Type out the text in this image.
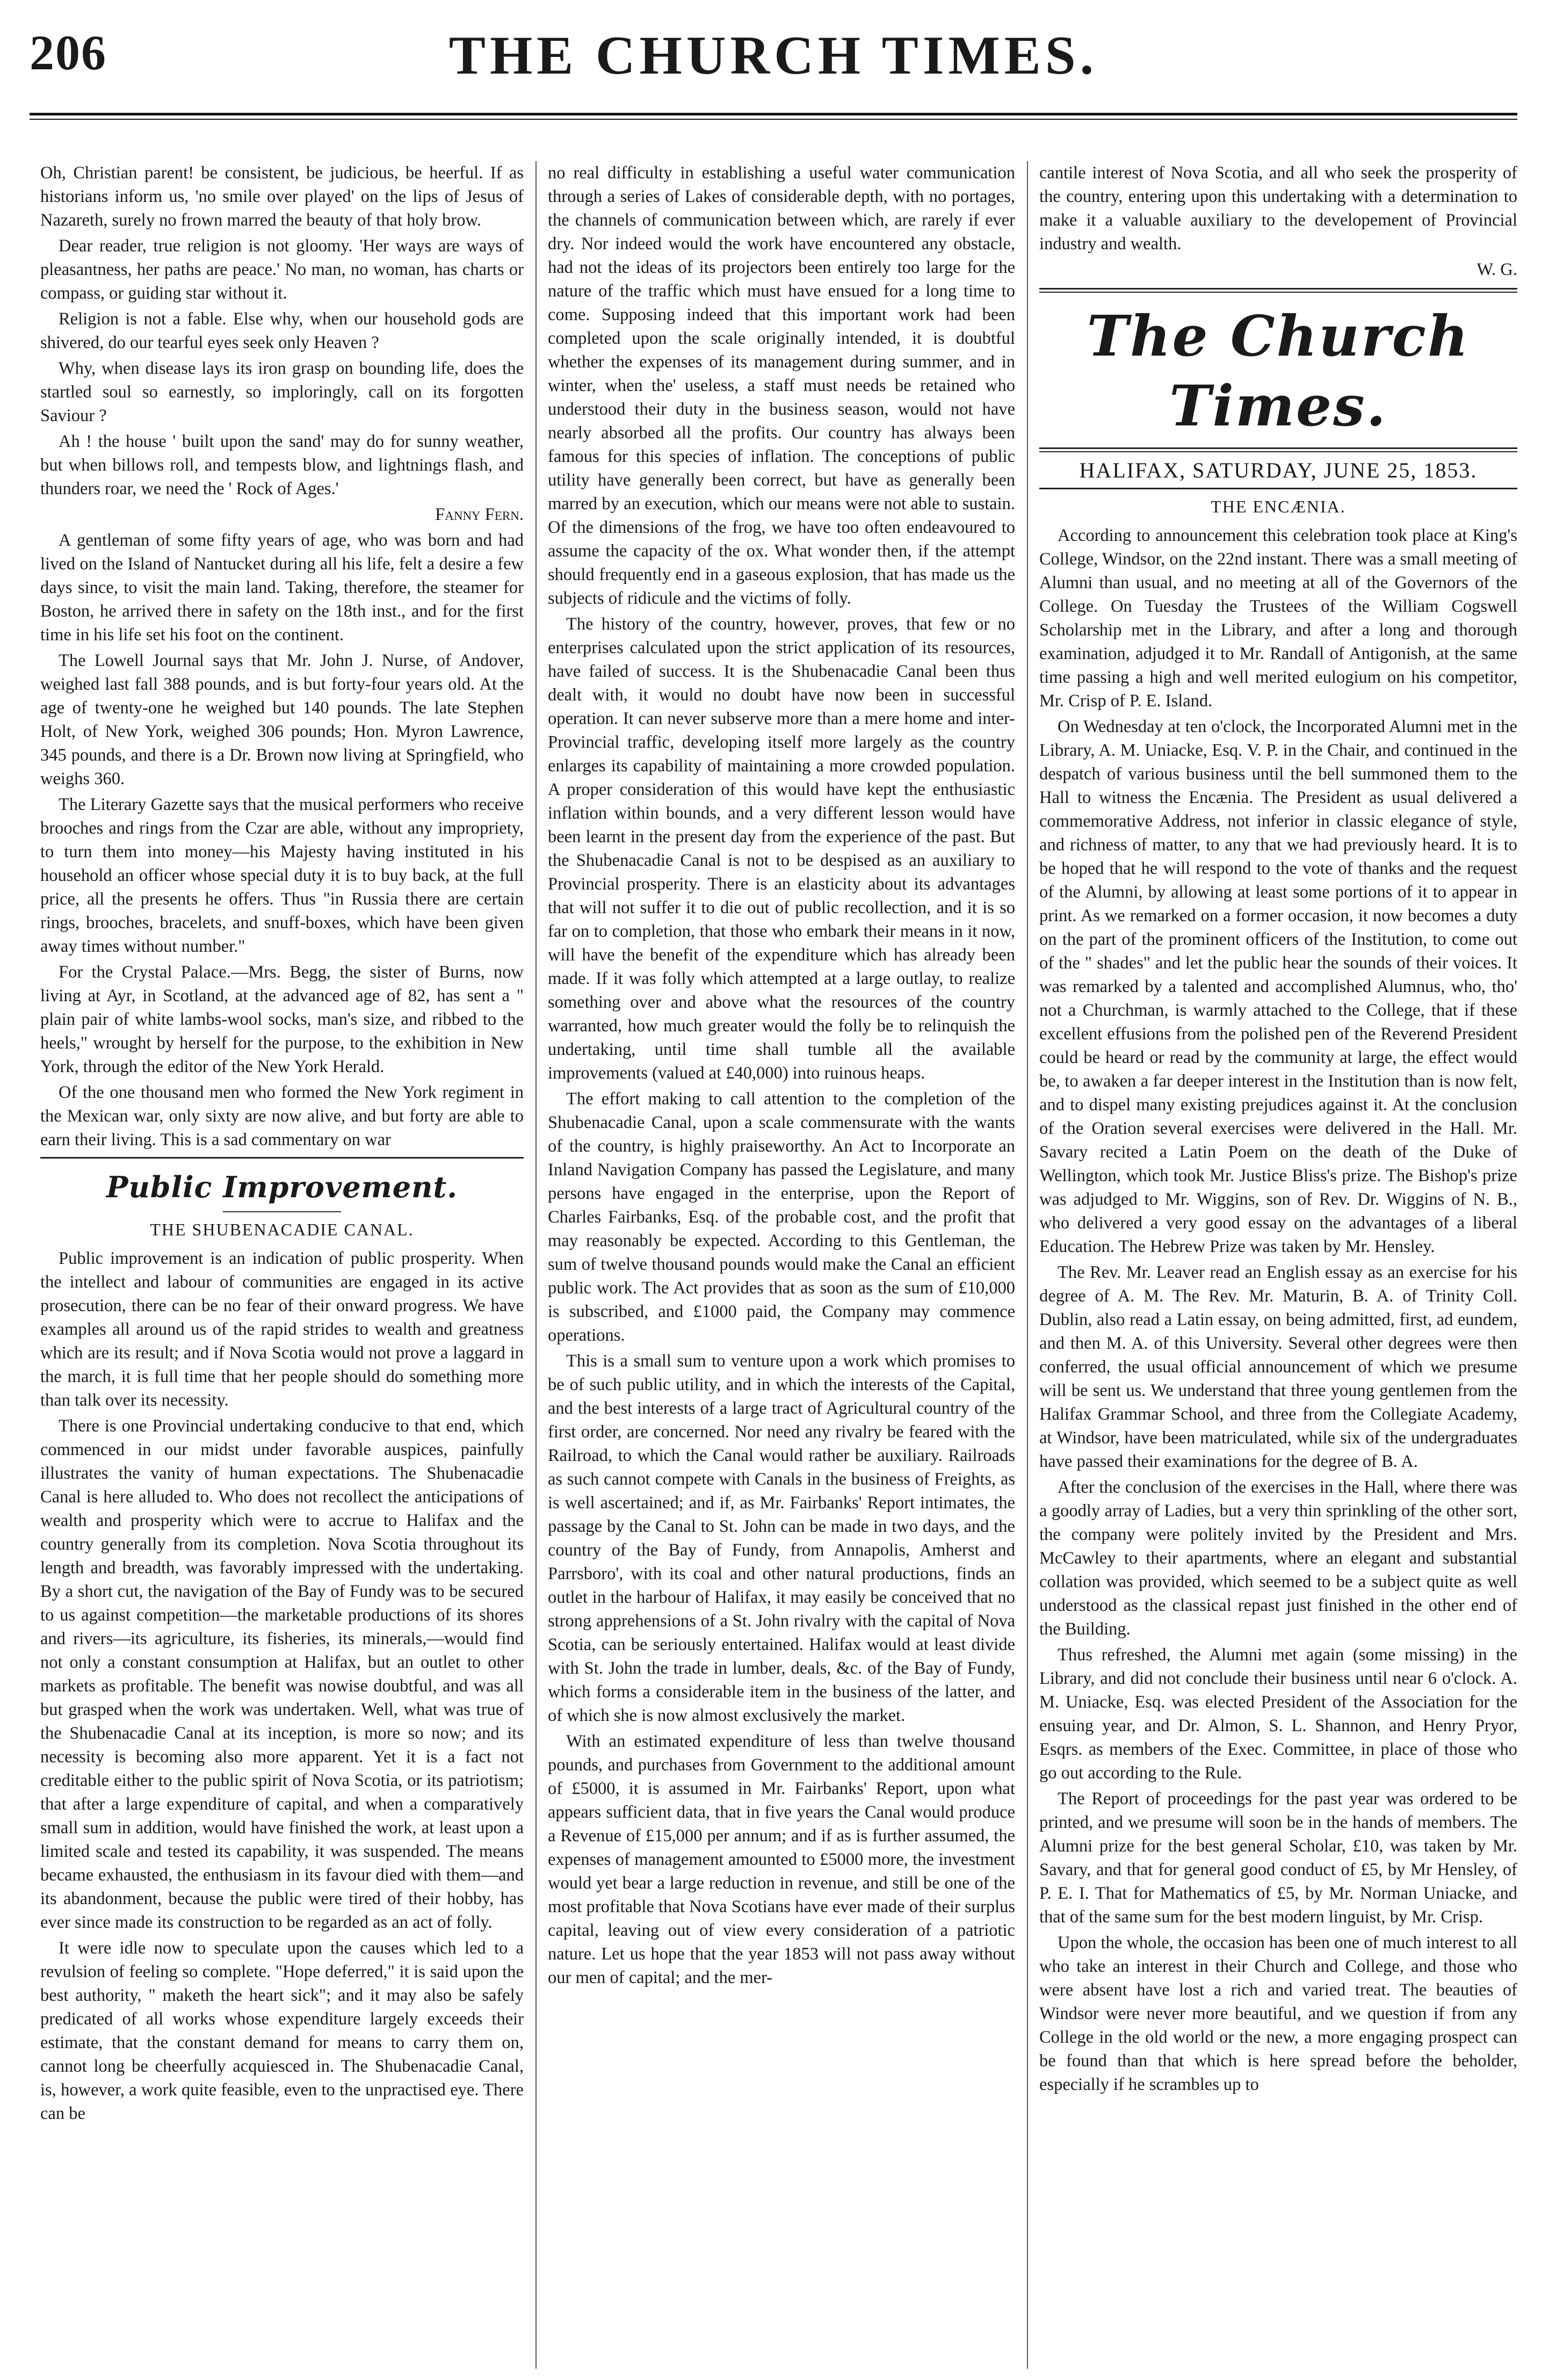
206	THE CHURCH TIMES.

Oh, Christian parent! be consistent, be judicious, be heerful. If as historians inform us, 'no smile over played' on the lips of Jesus of Nazareth, surely no frown marred the beauty of that holy brow.

Dear reader, true religion is not gloomy. 'Her ways are ways of pleasantness, her paths are peace.' No man, no woman, has charts or compass, or guiding star without it.

Religion is not a fable. Else why, when our household gods are shivered, do our tearful eyes seek only Heaven ?

Why, when disease lays its iron grasp on bounding life, does the startled soul so earnestly, so imploringly, call on its forgotten Saviour ?

Ah ! the house ' built upon the sand' may do for sunny weather, but when billows roll, and tempests blow, and lightnings flash, and thunders roar, we need the ' Rock of Ages.'

Fanny Fern.

A gentleman of some fifty years of age, who was born and had lived on the Island of Nantucket during all his life, felt a desire a few days since, to visit the main land. Taking, therefore, the steamer for Boston, he arrived there in safety on the 18th inst., and for the first time in his life set his foot on the continent.

The Lowell Journal says that Mr. John J. Nurse, of Andover, weighed last fall 388 pounds, and is but forty-four years old. At the age of twenty-one he weighed but 140 pounds. The late Stephen Holt, of New York, weighed 306 pounds; Hon. Myron Lawrence, 345 pounds, and there is a Dr. Brown now living at Springfield, who weighs 360.

The Literary Gazette says that the musical performers who receive brooches and rings from the Czar are able, without any impropriety, to turn them into money—his Majesty having instituted in his household an officer whose special duty it is to buy back, at the full price, all the presents he offers. Thus "in Russia there are certain rings, brooches, bracelets, and snuff-boxes, which have been given away times without number."

For the Crystal Palace.—Mrs. Begg, the sister of Burns, now living at Ayr, in Scotland, at the advanced age of 82, has sent a " plain pair of white lambs-wool socks, man's size, and ribbed to the heels," wrought by herself for the purpose, to the exhibition in New York, through the editor of the New York Herald.

Of the one thousand men who formed the New York regiment in the Mexican war, only sixty are now alive, and but forty are able to earn their living. This is a sad commentary on war

Public Improvement.
THE SHUBENACADIE CANAL.

Public improvement is an indication of public prosperity. When the intellect and labour of communities are engaged in its active prosecution, there can be no fear of their onward progress. We have examples all around us of the rapid strides to wealth and greatness which are its result; and if Nova Scotia would not prove a laggard in the march, it is full time that her people should do something more than talk over its necessity.

There is one Provincial undertaking conducive to that end, which commenced in our midst under favorable auspices, painfully illustrates the vanity of human expectations. The Shubenacadie Canal is here alluded to. Who does not recollect the anticipations of wealth and prosperity which were to accrue to Halifax and the country generally from its completion. Nova Scotia throughout its length and breadth, was favorably impressed with the undertaking. By a short cut, the navigation of the Bay of Fundy was to be secured to us against competition—the marketable productions of its shores and rivers—its agriculture, its fisheries, its minerals,—would find not only a constant consumption at Halifax, but an outlet to other markets as profitable. The benefit was nowise doubtful, and was all but grasped when the work was undertaken. Well, what was true of the Shubenacadie Canal at its inception, is more so now; and its necessity is becoming also more apparent. Yet it is a fact not creditable either to the public spirit of Nova Scotia, or its patriotism; that after a large expenditure of capital, and when a comparatively small sum in addition, would have finished the work, at least upon a limited scale and tested its capability, it was suspended. The means became exhausted, the enthusiasm in its favour died with them—and its abandonment, because the public were tired of their hobby, has ever since made its construction to be regarded as an act of folly.

It were idle now to speculate upon the causes which led to a revulsion of feeling so complete. "Hope deferred," it is said upon the best authority, " maketh the heart sick"; and it may also be safely predicated of all works whose expenditure largely exceeds their estimate, that the constant demand for means to carry them on, cannot long be cheerfully acquiesced in. The Shubenacadie Canal, is, however, a work quite feasible, even to the unpractised eye. There can be

no real difficulty in establishing a useful water communication through a series of Lakes of considerable depth, with no portages, the channels of communication between which, are rarely if ever dry. Nor indeed would the work have encountered any obstacle, had not the ideas of its projectors been entirely too large for the nature of the traffic which must have ensued for a long time to come. Supposing indeed that this important work had been completed upon the scale originally intended, it is doubtful whether the expenses of its management during summer, and in winter, when the' useless, a staff must needs be retained who understood their duty in the business season, would not have nearly absorbed all the profits. Our country has always been famous for this species of inflation. The conceptions of public utility have generally been correct, but have as generally been marred by an execution, which our means were not able to sustain. Of the dimensions of the frog, we have too often endeavoured to assume the capacity of the ox. What wonder then, if the attempt should frequently end in a gaseous explosion, that has made us the subjects of ridicule and the victims of folly.

The history of the country, however, proves, that few or no enterprises calculated upon the strict application of its resources, have failed of success. It is the Shubenacadie Canal been thus dealt with, it would no doubt have now been in successful operation. It can never subserve more than a mere home and inter-Provincial traffic, developing itself more largely as the country enlarges its capability of maintaining a more crowded population. A proper consideration of this would have kept the enthusiastic inflation within bounds, and a very different lesson would have been learnt in the present day from the experience of the past. But the Shubenacadie Canal is not to be despised as an auxiliary to Provincial prosperity. There is an elasticity about its advantages that will not suffer it to die out of public recollection, and it is so far on to completion, that those who embark their means in it now, will have the benefit of the expenditure which has already been made. If it was folly which attempted at a large outlay, to realize something over and above what the resources of the country warranted, how much greater would the folly be to relinquish the undertaking, until time shall tumble all the available improvements (valued at £40,000) into ruinous heaps.

The effort making to call attention to the completion of the Shubenacadie Canal, upon a scale commensurate with the wants of the country, is highly praiseworthy. An Act to Incorporate an Inland Navigation Company has passed the Legislature, and many persons have engaged in the enterprise, upon the Report of Charles Fairbanks, Esq. of the probable cost, and the profit that may reasonably be expected. According to this Gentleman, the sum of twelve thousand pounds would make the Canal an efficient public work. The Act provides that as soon as the sum of £10,000 is subscribed, and £1000 paid, the Company may commence operations.

This is a small sum to venture upon a work which promises to be of such public utility, and in which the interests of the Capital, and the best interests of a large tract of Agricultural country of the first order, are concerned. Nor need any rivalry be feared with the Railroad, to which the Canal would rather be auxiliary. Railroads as such cannot compete with Canals in the business of Freights, as is well ascertained; and if, as Mr. Fairbanks' Report intimates, the passage by the Canal to St. John can be made in two days, and the country of the Bay of Fundy, from Annapolis, Amherst and Parrsboro', with its coal and other natural productions, finds an outlet in the harbour of Halifax, it may easily be conceived that no strong apprehensions of a St. John rivalry with the capital of Nova Scotia, can be seriously entertained. Halifax would at least divide with St. John the trade in lumber, deals, &c. of the Bay of Fundy, which forms a considerable item in the business of the latter, and of which she is now almost exclusively the market.

With an estimated expenditure of less than twelve thousand pounds, and purchases from Government to the additional amount of £5000, it is assumed in Mr. Fairbanks' Report, upon what appears sufficient data, that in five years the Canal would produce a Revenue of £15,000 per annum; and if as is further assumed, the expenses of management amounted to £5000 more, the investment would yet bear a large reduction in revenue, and still be one of the most profitable that Nova Scotians have ever made of their surplus capital, leaving out of view every consideration of a patriotic nature. Let us hope that the year 1853 will not pass away without our men of capital; and the mer-

cantile interest of Nova Scotia, and all who seek the prosperity of the country, entering upon this undertaking with a determination to make it a valuable auxiliary to the developement of Provincial industry and wealth.

W. G.

The Church Times.
HALIFAX, SATURDAY, JUNE 25, 1853.
THE ENCÆNIA.

According to announcement this celebration took place at King's College, Windsor, on the 22nd instant. There was a small meeting of Alumni than usual, and no meeting at all of the Governors of the College. On Tuesday the Trustees of the William Cogswell Scholarship met in the Library, and after a long and thorough examination, adjudged it to Mr. Randall of Antigonish, at the same time passing a high and well merited eulogium on his competitor, Mr. Crisp of P. E. Island.

On Wednesday at ten o'clock, the Incorporated Alumni met in the Library, A. M. Uniacke, Esq. V. P. in the Chair, and continued in the despatch of various business until the bell summoned them to the Hall to witness the Encænia. The President as usual delivered a commemorative Address, not inferior in classic elegance of style, and richness of matter, to any that we had previously heard. It is to be hoped that he will respond to the vote of thanks and the request of the Alumni, by allowing at least some portions of it to appear in print. As we remarked on a former occasion, it now becomes a duty on the part of the prominent officers of the Institution, to come out of the " shades" and let the public hear the sounds of their voices. It was remarked by a talented and accomplished Alumnus, who, tho' not a Churchman, is warmly attached to the College, that if these excellent effusions from the polished pen of the Reverend President could be heard or read by the community at large, the effect would be, to awaken a far deeper interest in the Institution than is now felt, and to dispel many existing prejudices against it. At the conclusion of the Oration several exercises were delivered in the Hall. Mr. Savary recited a Latin Poem on the death of the Duke of Wellington, which took Mr. Justice Bliss's prize. The Bishop's prize was adjudged to Mr. Wiggins, son of Rev. Dr. Wiggins of N. B., who delivered a very good essay on the advantages of a liberal Education. The Hebrew Prize was taken by Mr. Hensley.

The Rev. Mr. Leaver read an English essay as an exercise for his degree of A. M. The Rev. Mr. Maturin, B. A. of Trinity Coll. Dublin, also read a Latin essay, on being admitted, first, ad eundem, and then M. A. of this University. Several other degrees were then conferred, the usual official announcement of which we presume will be sent us. We understand that three young gentlemen from the Halifax Grammar School, and three from the Collegiate Academy, at Windsor, have been matriculated, while six of the undergraduates have passed their examinations for the degree of B. A.

After the conclusion of the exercises in the Hall, where there was a goodly array of Ladies, but a very thin sprinkling of the other sort, the company were politely invited by the President and Mrs. McCawley to their apartments, where an elegant and substantial collation was provided, which seemed to be a subject quite as well understood as the classical repast just finished in the other end of the Building.

Thus refreshed, the Alumni met again (some missing) in the Library, and did not conclude their business until near 6 o'clock. A. M. Uniacke, Esq. was elected President of the Association for the ensuing year, and Dr. Almon, S. L. Shannon, and Henry Pryor, Esqrs. as members of the Exec. Committee, in place of those who go out according to the Rule.

The Report of proceedings for the past year was ordered to be printed, and we presume will soon be in the hands of members. The Alumni prize for the best general Scholar, £10, was taken by Mr. Savary, and that for general good conduct of £5, by Mr Hensley, of P. E. I. That for Mathematics of £5, by Mr. Norman Uniacke, and that of the same sum for the best modern linguist, by Mr. Crisp.

Upon the whole, the occasion has been one of much interest to all who take an interest in their Church and College, and those who were absent have lost a rich and varied treat. The beauties of Windsor were never more beautiful, and we question if from any College in the old world or the new, a more engaging prospect can be found than that which is here spread before the beholder, especially if he scrambles up to
